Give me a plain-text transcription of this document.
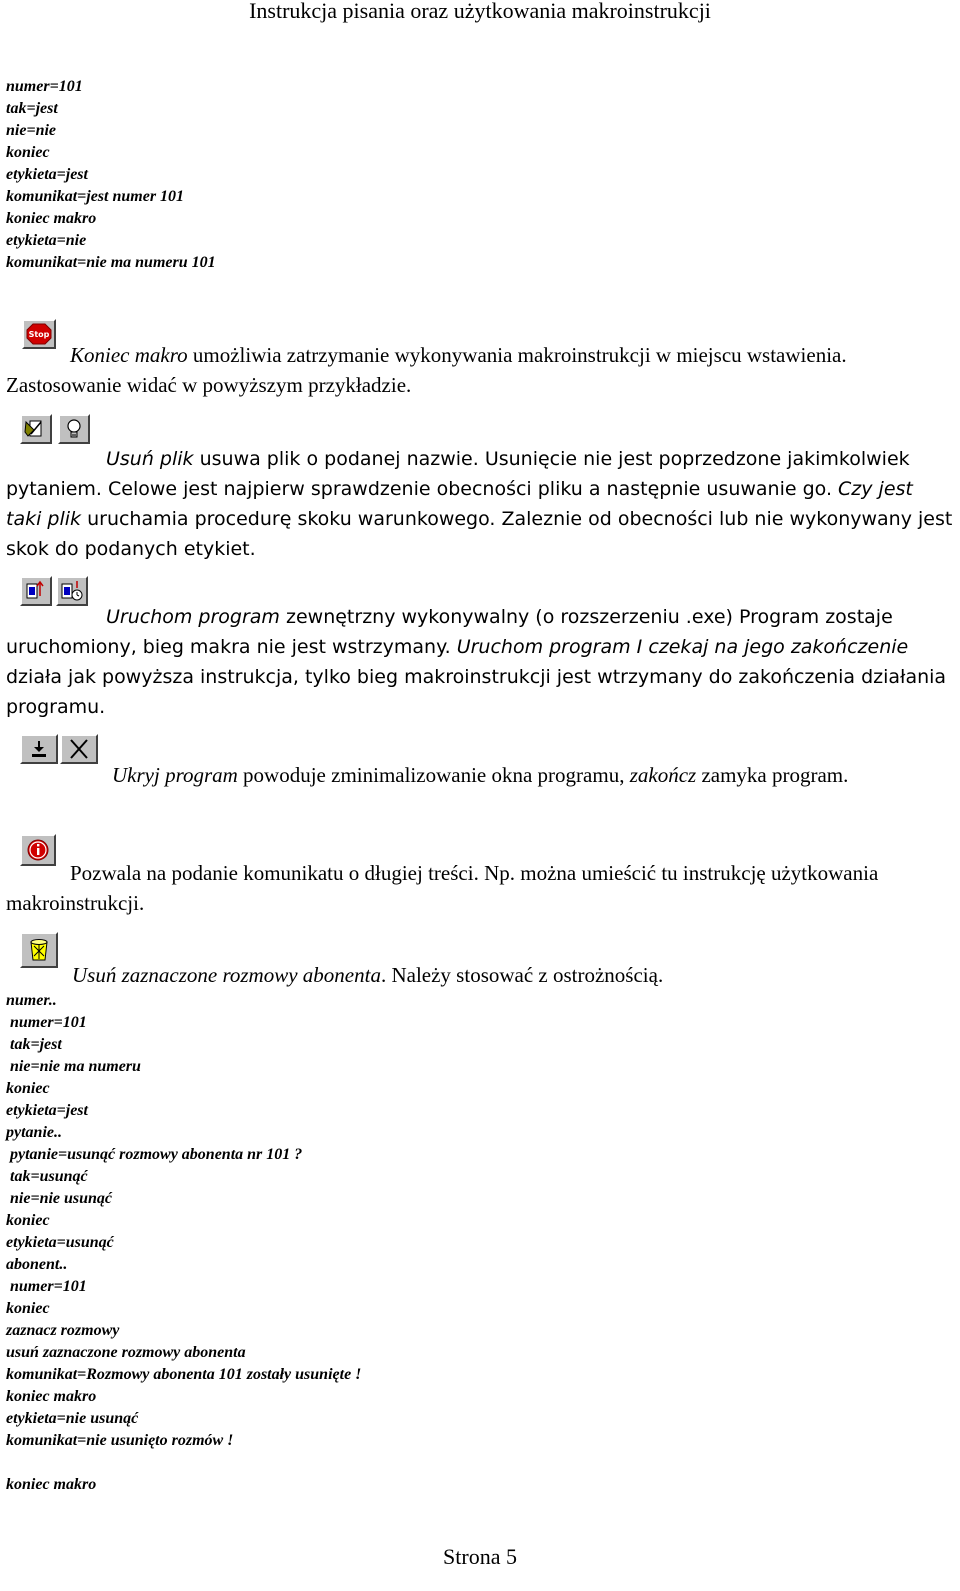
Instrukcja pisania oraz użytkowania makroinstrukcji
numer=101
tak=jest
nie=nie
koniec
etykieta=jest
komunikat=jest numer 101
koniec makro
etykieta=nie
komunikat=nie ma numeru 101
Stop
Koniec makro umożliwia zatrzymanie wykonywania makroinstrukcji w miejscu wstawienia. Zastosowanie widać w powyższym przykładzie.
Usuń plik usuwa plik o podanej nazwie. Usunięcie nie jest poprzedzone jakimkolwiek pytaniem. Celowe jest najpierw sprawdzenie obecności pliku a następnie usuwanie go. Czy jest taki plik uruchamia procedurę skoku warunkowego. Zaleznie od obecności lub nie wykonywany jest skok do podanych etykiet.
Uruchom program zewnętrzny wykonywalny (o rozszerzeniu .exe) Program zostaje uruchomiony, bieg makra nie jest wstrzymany. Uruchom program I czekaj na jego zakończenie działa jak powyższa instrukcja, tylko bieg makroinstrukcji jest wtrzymany do zakończenia działania programu.
Ukryj program powoduje zminimalizowanie okna programu, zakończ zamyka program.
Pozwala na podanie komunikatu o długiej treści. Np. można umieścić tu instrukcję użytkowania makroinstrukcji.
Usuń zaznaczone rozmowy abonenta. Należy stosować z ostrożnością.
numer..
numer=101
tak=jest
nie=nie ma numeru
koniec
etykieta=jest
pytanie..
pytanie=usunąć rozmowy abonenta nr 101 ?
tak=usunąć
nie=nie usunąć
koniec
etykieta=usunąć
abonent..
numer=101
koniec
zaznacz rozmowy
usuń zaznaczone rozmowy abonenta
komunikat=Rozmowy abonenta 101 zostały usunięte !
koniec makro
etykieta=nie usunąć
komunikat=nie usunięto rozmów !

koniec makro
Strona 5
